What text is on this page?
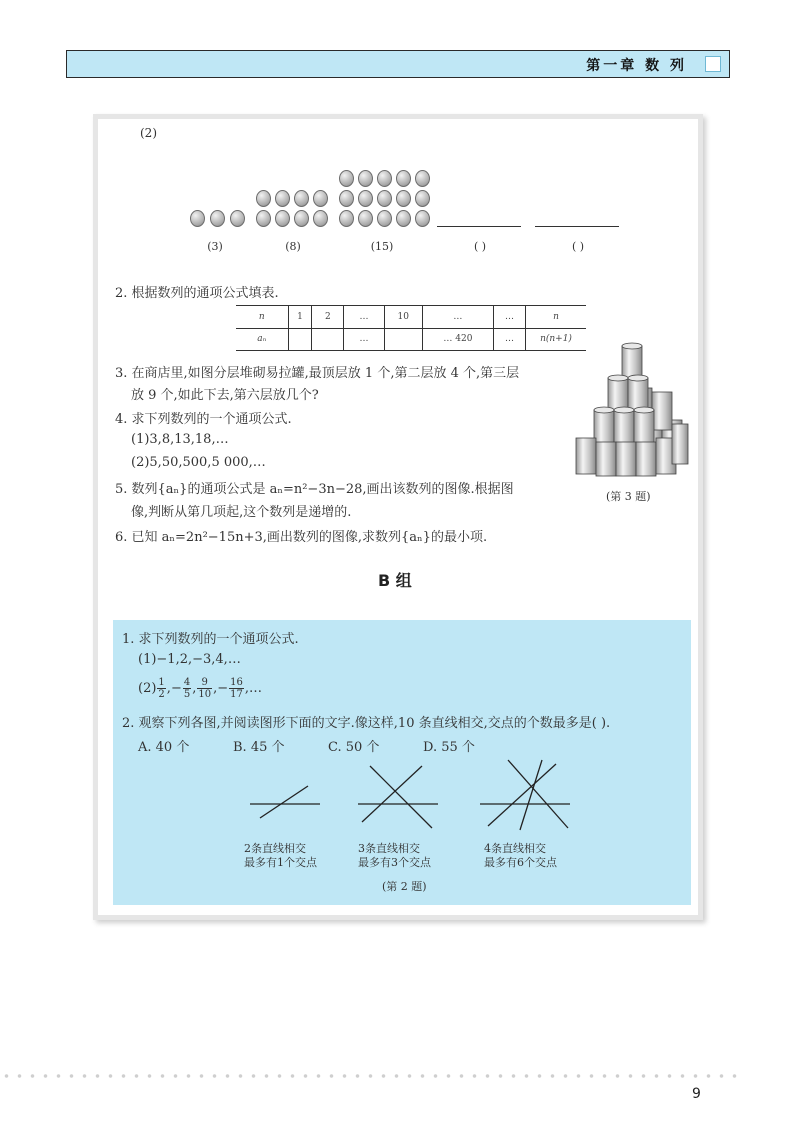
第一章 数 列
(2)
(3)	(8)	(15)	( )	( )
2. 根据数列的通项公式填表.
n	1	2	…	10	…	…	n
aₙ			…		… 420	…	n(n+1)
3. 在商店里,如图分层堆砌易拉罐,最顶层放 1 个,第二层放 4 个,第三层
放 9 个,如此下去,第六层放几个?
4. 求下列数列的一个通项公式.
(1)3,8,13,18,…
(2)5,50,500,5 000,…
5. 数列{aₙ}的通项公式是 aₙ=n²−3n−28,画出该数列的图像.根据图
像,判断从第几项起,这个数列是递增的.
6. 已知 aₙ=2n²−15n+3,画出数列的图像,求数列{aₙ}的最小项.
(第 3 题)
B 组
1. 求下列数列的一个通项公式.
(1)−1,2,−3,4,…
$(2) \frac{1}{2}$ ,− $\frac{4}{5}$ , $\frac{9}{10}$ ,− $\frac{16}{17}$ ,…
2. 观察下列各图,并阅读图形下面的文字.像这样,10 条直线相交,交点的个数最多是( ).
A. 40 个	B. 45 个	C. 50 个	D. 55 个
2条直线相交
最多有1个交点
3条直线相交
最多有3个交点
4条直线相交
最多有6个交点
(第 2 题)
9
